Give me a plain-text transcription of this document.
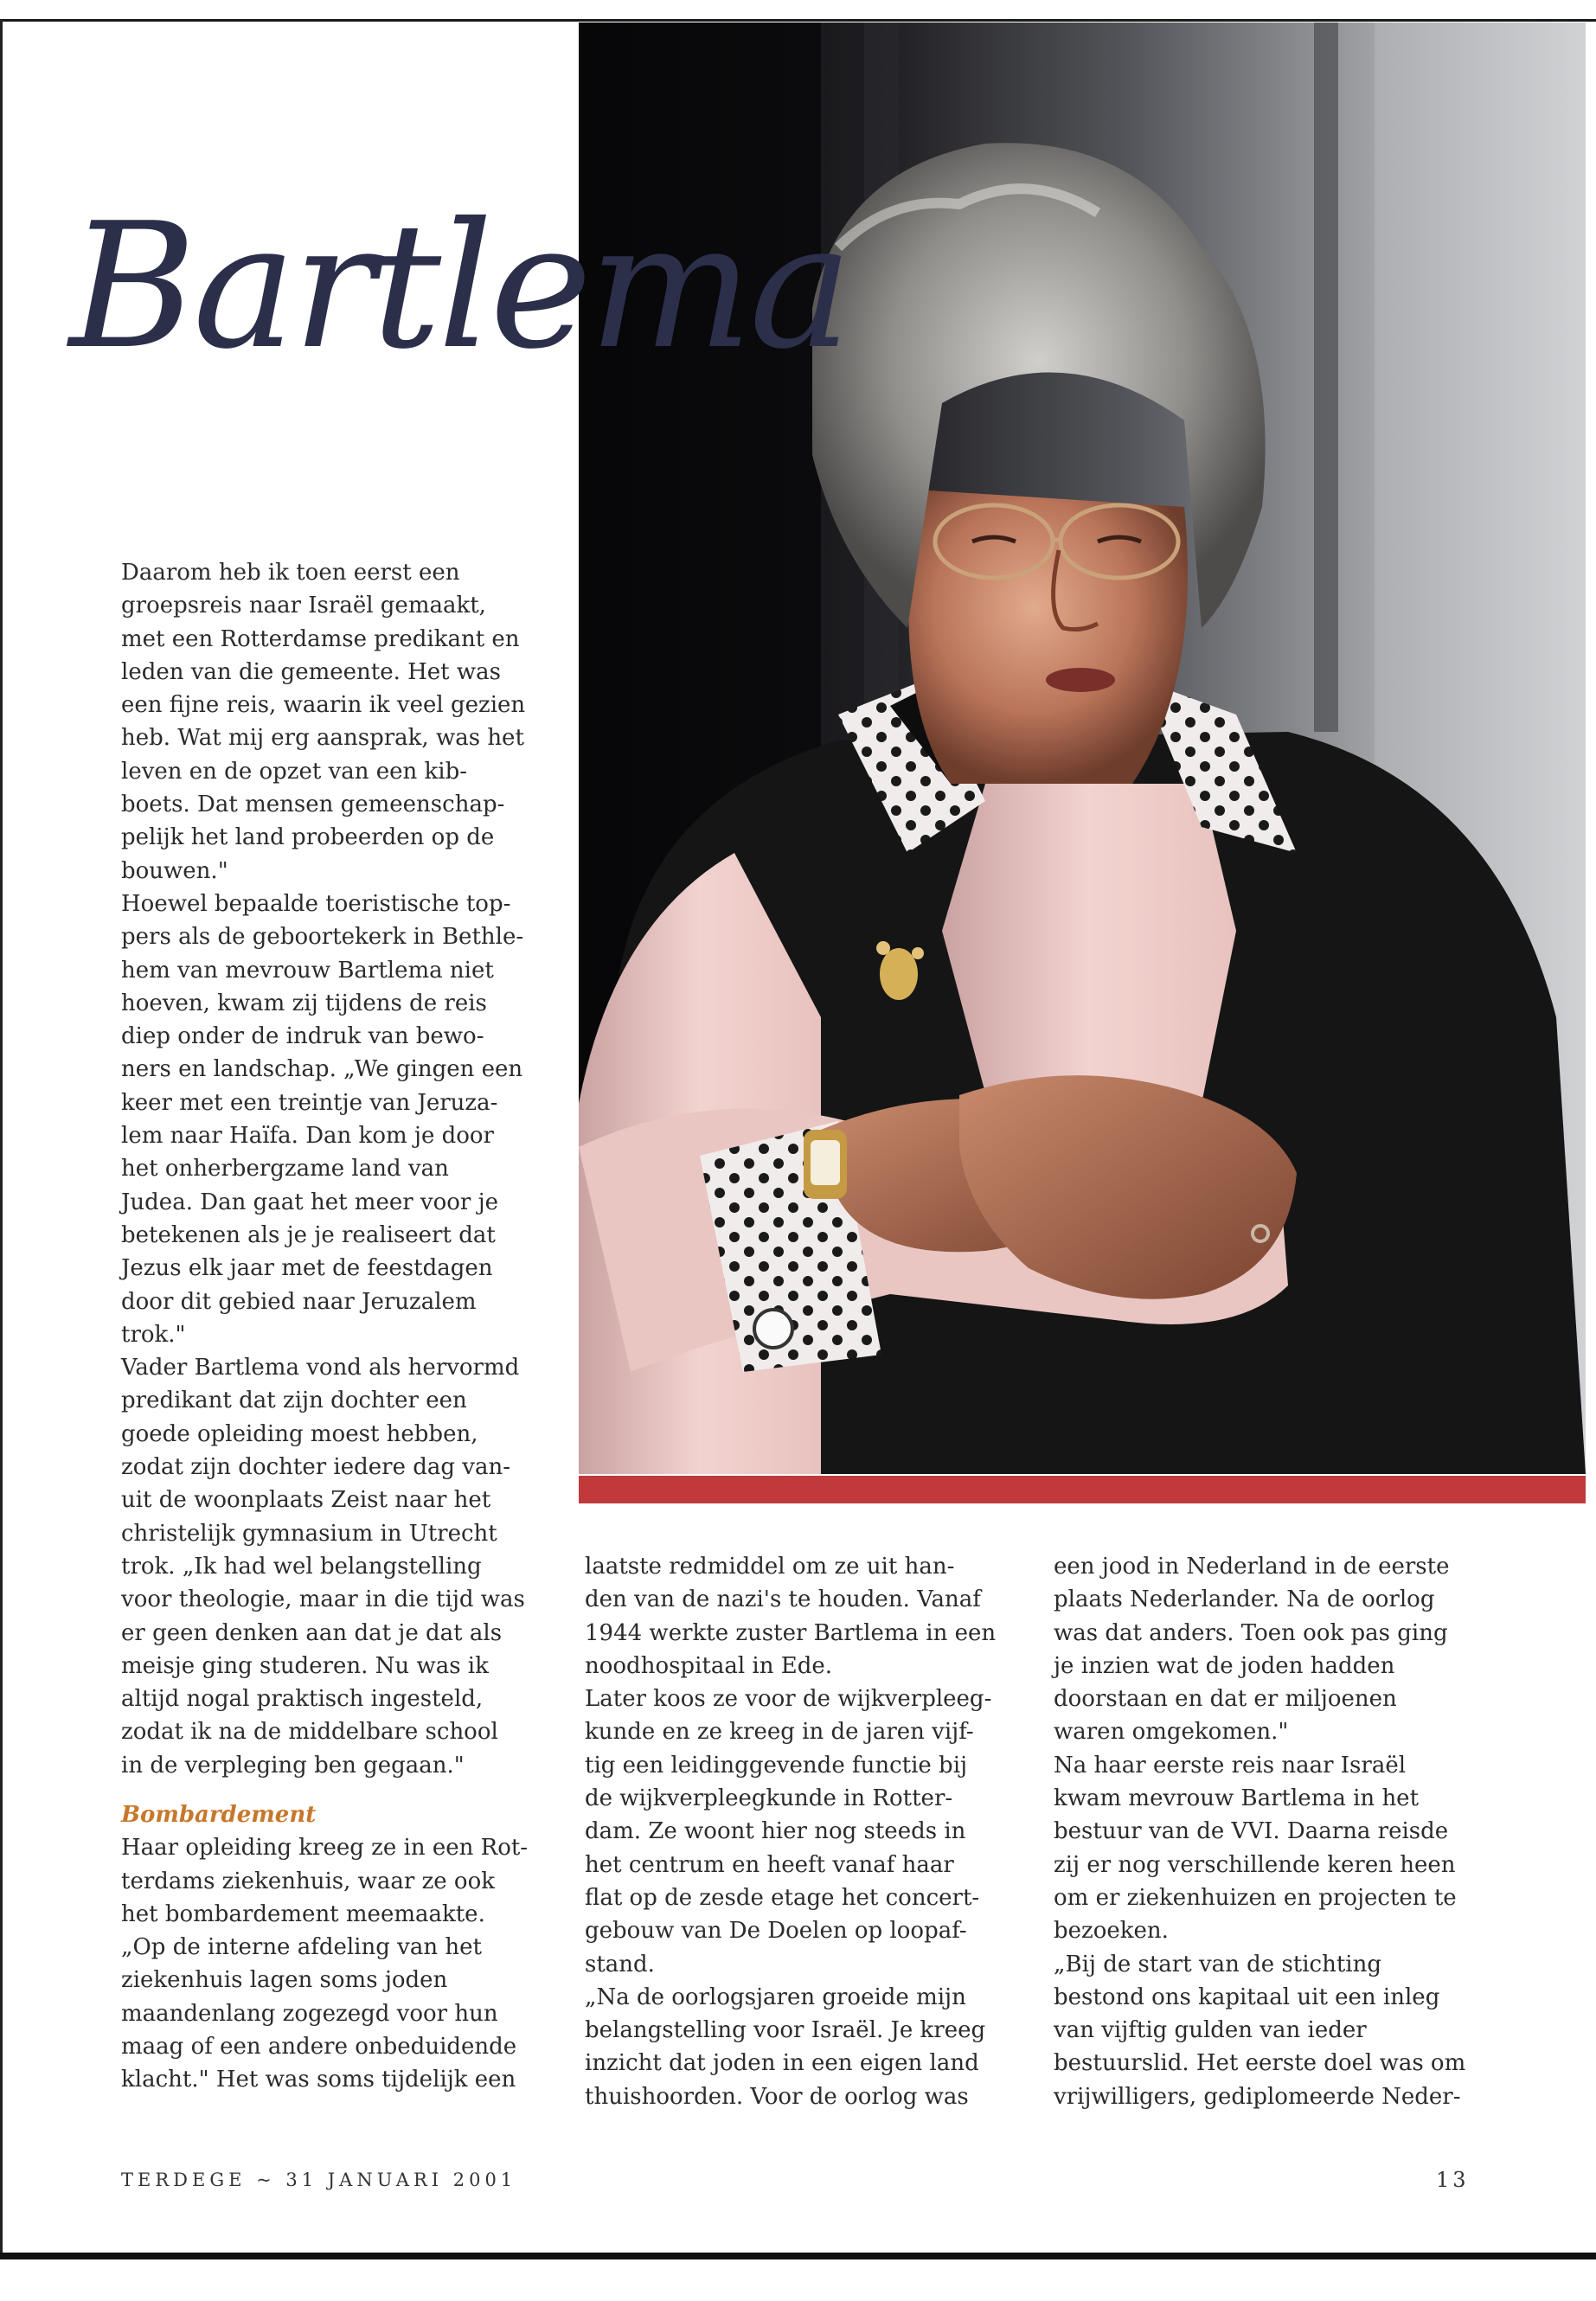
Bartlema

Daarom heb ik toen eerst een

groepsreis naar Israël gemaakt,

met een Rotterdamse predikant en

leden van die gemeente. Het was

een fijne reis, waarin ik veel gezien

heb. Wat mij erg aansprak, was het

leven en de opzet van een kib-

boets. Dat mensen gemeenschap-

pelijk het land probeerden op de

bouwen."

Hoewel bepaalde toeristische top-

pers als de geboortekerk in Bethle-

hem van mevrouw Bartlema niet

hoeven, kwam zij tijdens de reis

diep onder de indruk van bewo-

ners en landschap. „We gingen een

keer met een treintje van Jeruza-

lem naar Haïfa. Dan kom je door

het onherbergzame land van

Judea. Dan gaat het meer voor je

betekenen als je je realiseert dat

Jezus elk jaar met de feestdagen

door dit gebied naar Jeruzalem

trok."

Vader Bartlema vond als hervormd

predikant dat zijn dochter een

goede opleiding moest hebben,

zodat zijn dochter iedere dag van-

uit de woonplaats Zeist naar het

christelijk gymnasium in Utrecht

trok. „Ik had wel belangstelling

voor theologie, maar in die tijd was

er geen denken aan dat je dat als

meisje ging studeren. Nu was ik

altijd nogal praktisch ingesteld,

zodat ik na de middelbare school

in de verpleging ben gegaan."

Bombardement

Haar opleiding kreeg ze in een Rot-

terdams ziekenhuis, waar ze ook

het bombardement meemaakte.

„Op de interne afdeling van het

ziekenhuis lagen soms joden

maandenlang zogezegd voor hun

maag of een andere onbeduidende

klacht." Het was soms tijdelijk een

laatste redmiddel om ze uit han-

den van de nazi's te houden. Vanaf

1944 werkte zuster Bartlema in een

noodhospitaal in Ede.

Later koos ze voor de wijkverpleeg-

kunde en ze kreeg in de jaren vijf-

tig een leidinggevende functie bij

de wijkverpleegkunde in Rotter-

dam. Ze woont hier nog steeds in

het centrum en heeft vanaf haar

flat op de zesde etage het concert-

gebouw van De Doelen op loopaf-

stand.

„Na de oorlogsjaren groeide mijn

belangstelling voor Israël. Je kreeg

inzicht dat joden in een eigen land

thuishoorden. Voor de oorlog was

een jood in Nederland in de eerste

plaats Nederlander. Na de oorlog

was dat anders. Toen ook pas ging

je inzien wat de joden hadden

doorstaan en dat er miljoenen

waren omgekomen."

Na haar eerste reis naar Israël

kwam mevrouw Bartlema in het

bestuur van de VVI. Daarna reisde

zij er nog verschillende keren heen

om er ziekenhuizen en projecten te

bezoeken.

„Bij de start van de stichting

bestond ons kapitaal uit een inleg

van vijftig gulden van ieder

bestuurslid. Het eerste doel was om

vrijwilligers, gediplomeerde Neder-

TERDEGE ~ 31 JANUARI 2001	13
